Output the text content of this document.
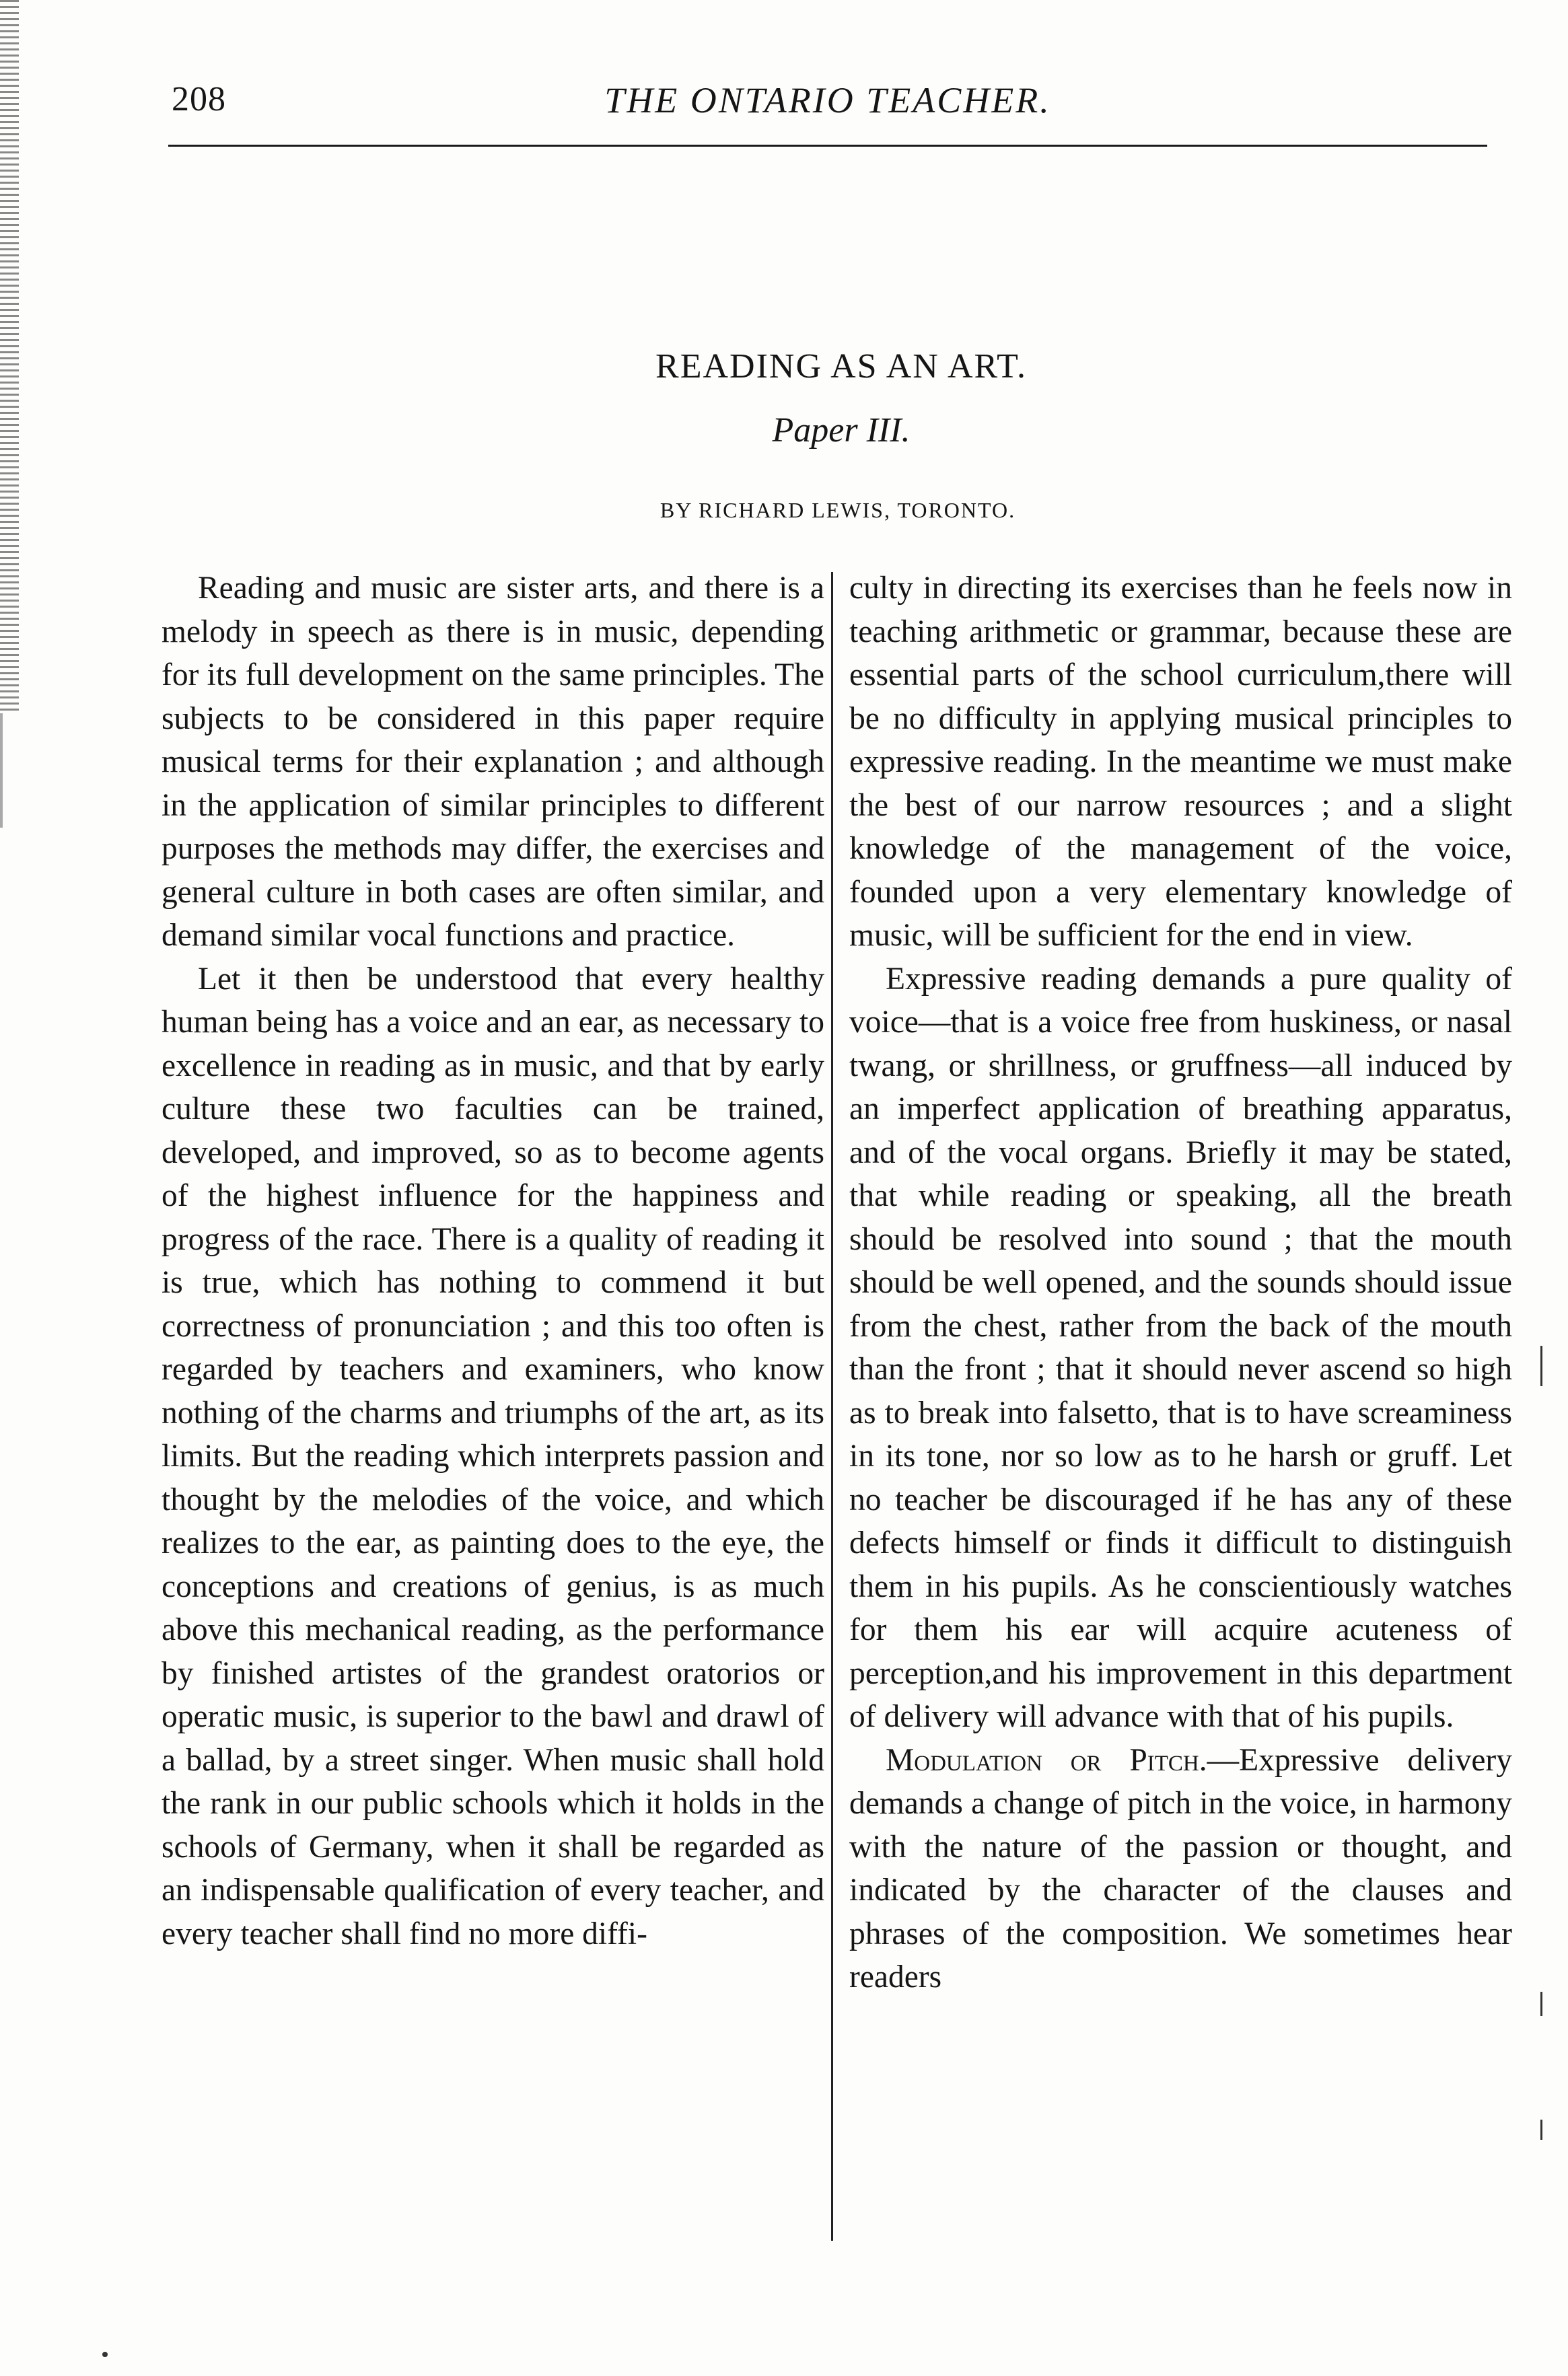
208	THE ONTARIO TEACHER.
READING AS AN ART.
Paper III.
BY RICHARD LEWIS, TORONTO.

Reading and music are sister arts, and there is a melody in speech as there is in music, depending for its full development on the same principles. The subjects to be considered in this paper require musical terms for their explanation ; and although in the application of similar principles to different purposes the methods may differ, the exercises and general culture in both cases are often similar, and demand similar vocal functions and practice.

Let it then be understood that every healthy human being has a voice and an ear, as necessary to excellence in reading as in music, and that by early culture these two faculties can be trained, developed, and improved, so as to become agents of the highest influence for the happiness and progress of the race. There is a quality of reading it is true, which has nothing to commend it but correctness of pronunciation ; and this too often is regarded by teachers and examiners, who know nothing of the charms and triumphs of the art, as its limits. But the reading which interprets passion and thought by the melodies of the voice, and which realizes to the ear, as painting does to the eye, the conceptions and creations of genius, is as much above this mechanical reading, as the performance by finished artistes of the grandest oratorios or operatic music, is superior to the bawl and drawl of a ballad, by a street singer. When music shall hold the rank in our public schools which it holds in the schools of Germany, when it shall be regarded as an indispensable qualification of every teacher, and every teacher shall find no more diffi-

culty in directing its exercises than he feels now in teaching arithmetic or grammar, because these are essential parts of the school curriculum,there will be no difficulty in applying musical principles to expressive reading. In the meantime we must make the best of our narrow resources ; and a slight knowledge of the management of the voice, founded upon a very elementary knowledge of music, will be sufficient for the end in view.

Expressive reading demands a pure quality of voice—that is a voice free from huskiness, or nasal twang, or shrillness, or gruffness—all induced by an imperfect application of breathing apparatus, and of the vocal organs. Briefly it may be stated, that while reading or speaking, all the breath should be resolved into sound ; that the mouth should be well opened, and the sounds should issue from the chest, rather from the back of the mouth than the front ; that it should never ascend so high as to break into falsetto, that is to have screaminess in its tone, nor so low as to he harsh or gruff. Let no teacher be discouraged if he has any of these defects himself or finds it difficult to distinguish them in his pupils. As he conscientiously watches for them his ear will acquire acuteness of perception,and his improvement in this department of delivery will advance with that of his pupils.

Modulation or Pitch.—Expressive delivery demands a change of pitch in the voice, in harmony with the nature of the passion or thought, and indicated by the character of the clauses and phrases of the composition. We sometimes hear readers
